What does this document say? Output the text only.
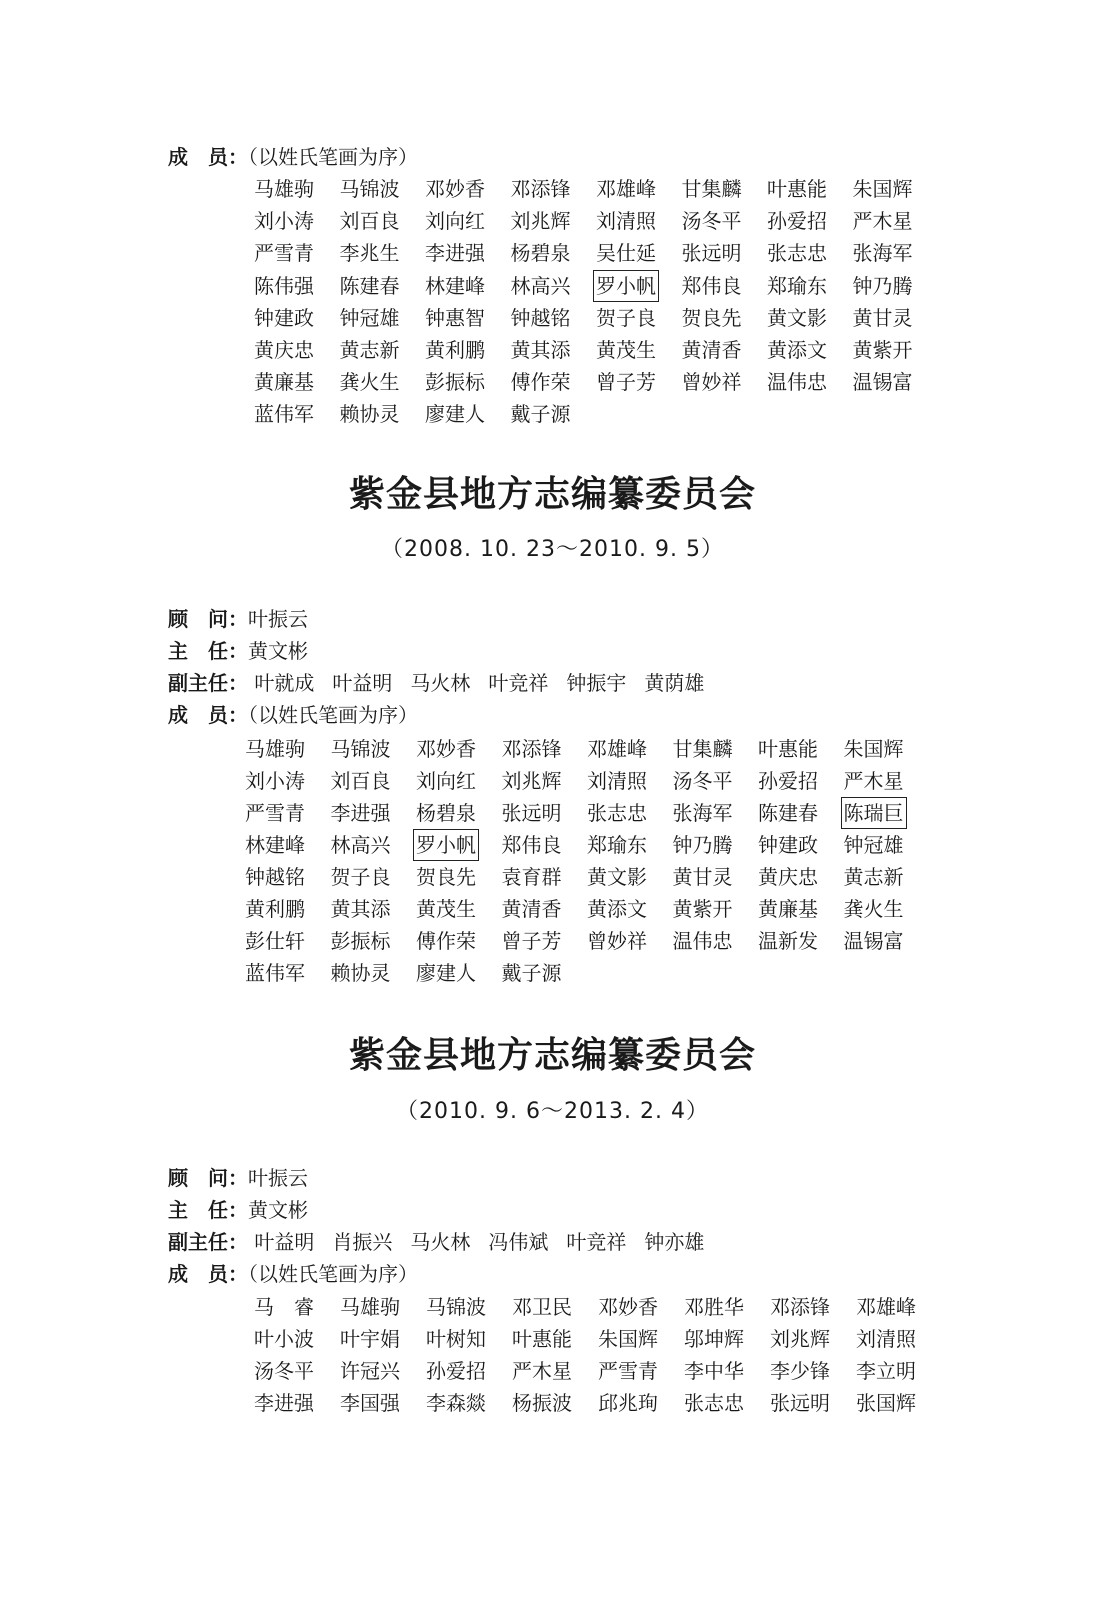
成　员：（以姓氏笔画为序）
马雄驹 马锦波 邓妙香 邓添锋 邓雄峰 甘集麟 叶惠能 朱国辉
刘小涛 刘百良 刘向红 刘兆辉 刘清照 汤冬平 孙爱招 严木星
严雪青 李兆生 李进强 杨碧泉 吴仕延 张远明 张志忠 张海军
陈伟强 陈建春 林建峰 林高兴 罗小帆 郑伟良 郑瑜东 钟乃腾
钟建政 钟冠雄 钟惠智 钟越铭 贺子良 贺良先 黄文影 黄甘灵
黄庆忠 黄志新 黄利鹏 黄其添 黄茂生 黄清香 黄添文 黄紫开
黄廉基 龚火生 彭振标 傅作荣 曾子芳 曾妙祥 温伟忠 温锡富
蓝伟军 赖协灵 廖建人 戴子源
紫金县地方志编纂委员会
（2008. 10. 23～2010. 9. 5）
顾　问：叶振云
主　任：黄文彬
副主任： 叶就成 叶益明 马火林 叶竞祥 钟振宇 黄荫雄
成　员：（以姓氏笔画为序）
马雄驹 马锦波 邓妙香 邓添锋 邓雄峰 甘集麟 叶惠能 朱国辉
刘小涛 刘百良 刘向红 刘兆辉 刘清照 汤冬平 孙爱招 严木星
严雪青 李进强 杨碧泉 张远明 张志忠 张海军 陈建春 陈瑞巨
林建峰 林高兴 罗小帆 郑伟良 郑瑜东 钟乃腾 钟建政 钟冠雄
钟越铭 贺子良 贺良先 袁育群 黄文影 黄甘灵 黄庆忠 黄志新
黄利鹏 黄其添 黄茂生 黄清香 黄添文 黄紫开 黄廉基 龚火生
彭仕轩 彭振标 傅作荣 曾子芳 曾妙祥 温伟忠 温新发 温锡富
蓝伟军 赖协灵 廖建人 戴子源
紫金县地方志编纂委员会
（2010. 9. 6～2013. 2. 4）
顾　问：叶振云
主　任：黄文彬
副主任： 叶益明 肖振兴 马火林 冯伟斌 叶竞祥 钟亦雄
成　员：（以姓氏笔画为序）
马　睿 马雄驹 马锦波 邓卫民 邓妙香 邓胜华 邓添锋 邓雄峰
叶小波 叶宇娟 叶树知 叶惠能 朱国辉 邬坤辉 刘兆辉 刘清照
汤冬平 许冠兴 孙爱招 严木星 严雪青 李中华 李少锋 李立明
李进强 李国强 李森燚 杨振波 邱兆珣 张志忠 张远明 张国辉
